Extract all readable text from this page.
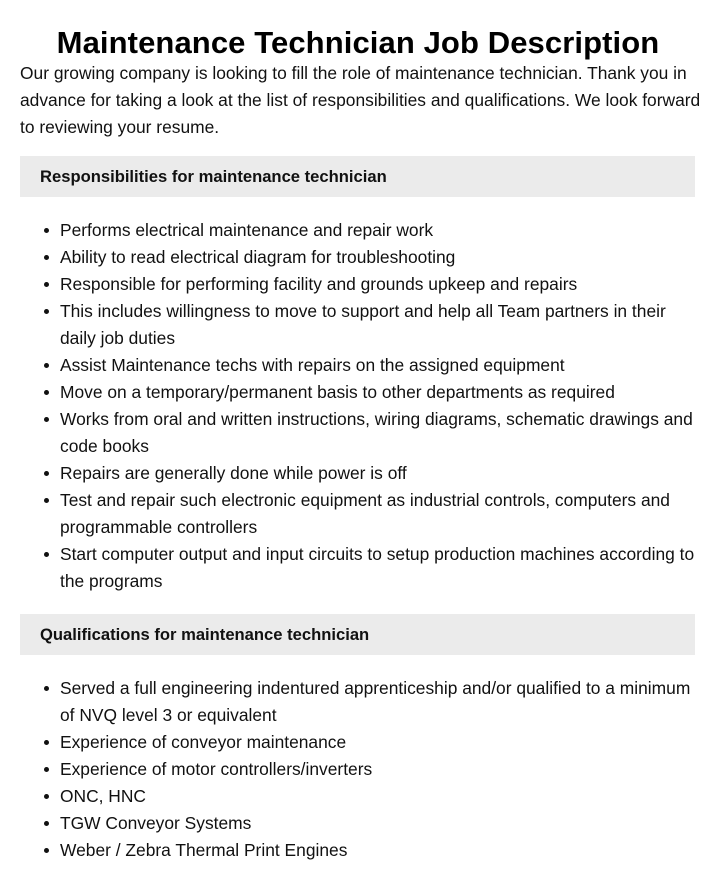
Maintenance Technician Job Description

Our growing company is looking to fill the role of maintenance technician. Thank you in advance for taking a look at the list of responsibilities and qualifications. We look forward to reviewing your resume.

Responsibilities for maintenance technician
Performs electrical maintenance and repair work
Ability to read electrical diagram for troubleshooting
Responsible for performing facility and grounds upkeep and repairs
This includes willingness to move to support and help all Team partners in their daily job duties
Assist Maintenance techs with repairs on the assigned equipment
Move on a temporary/permanent basis to other departments as required
Works from oral and written instructions, wiring diagrams, schematic drawings and code books
Repairs are generally done while power is off
Test and repair such electronic equipment as industrial controls, computers and programmable controllers
Start computer output and input circuits to setup production machines according to the programs
Qualifications for maintenance technician
Served a full engineering indentured apprenticeship and/or qualified to a minimum of NVQ level 3 or equivalent
Experience of conveyor maintenance
Experience of motor controllers/inverters
ONC, HNC
TGW Conveyor Systems
Weber / Zebra Thermal Print Engines
